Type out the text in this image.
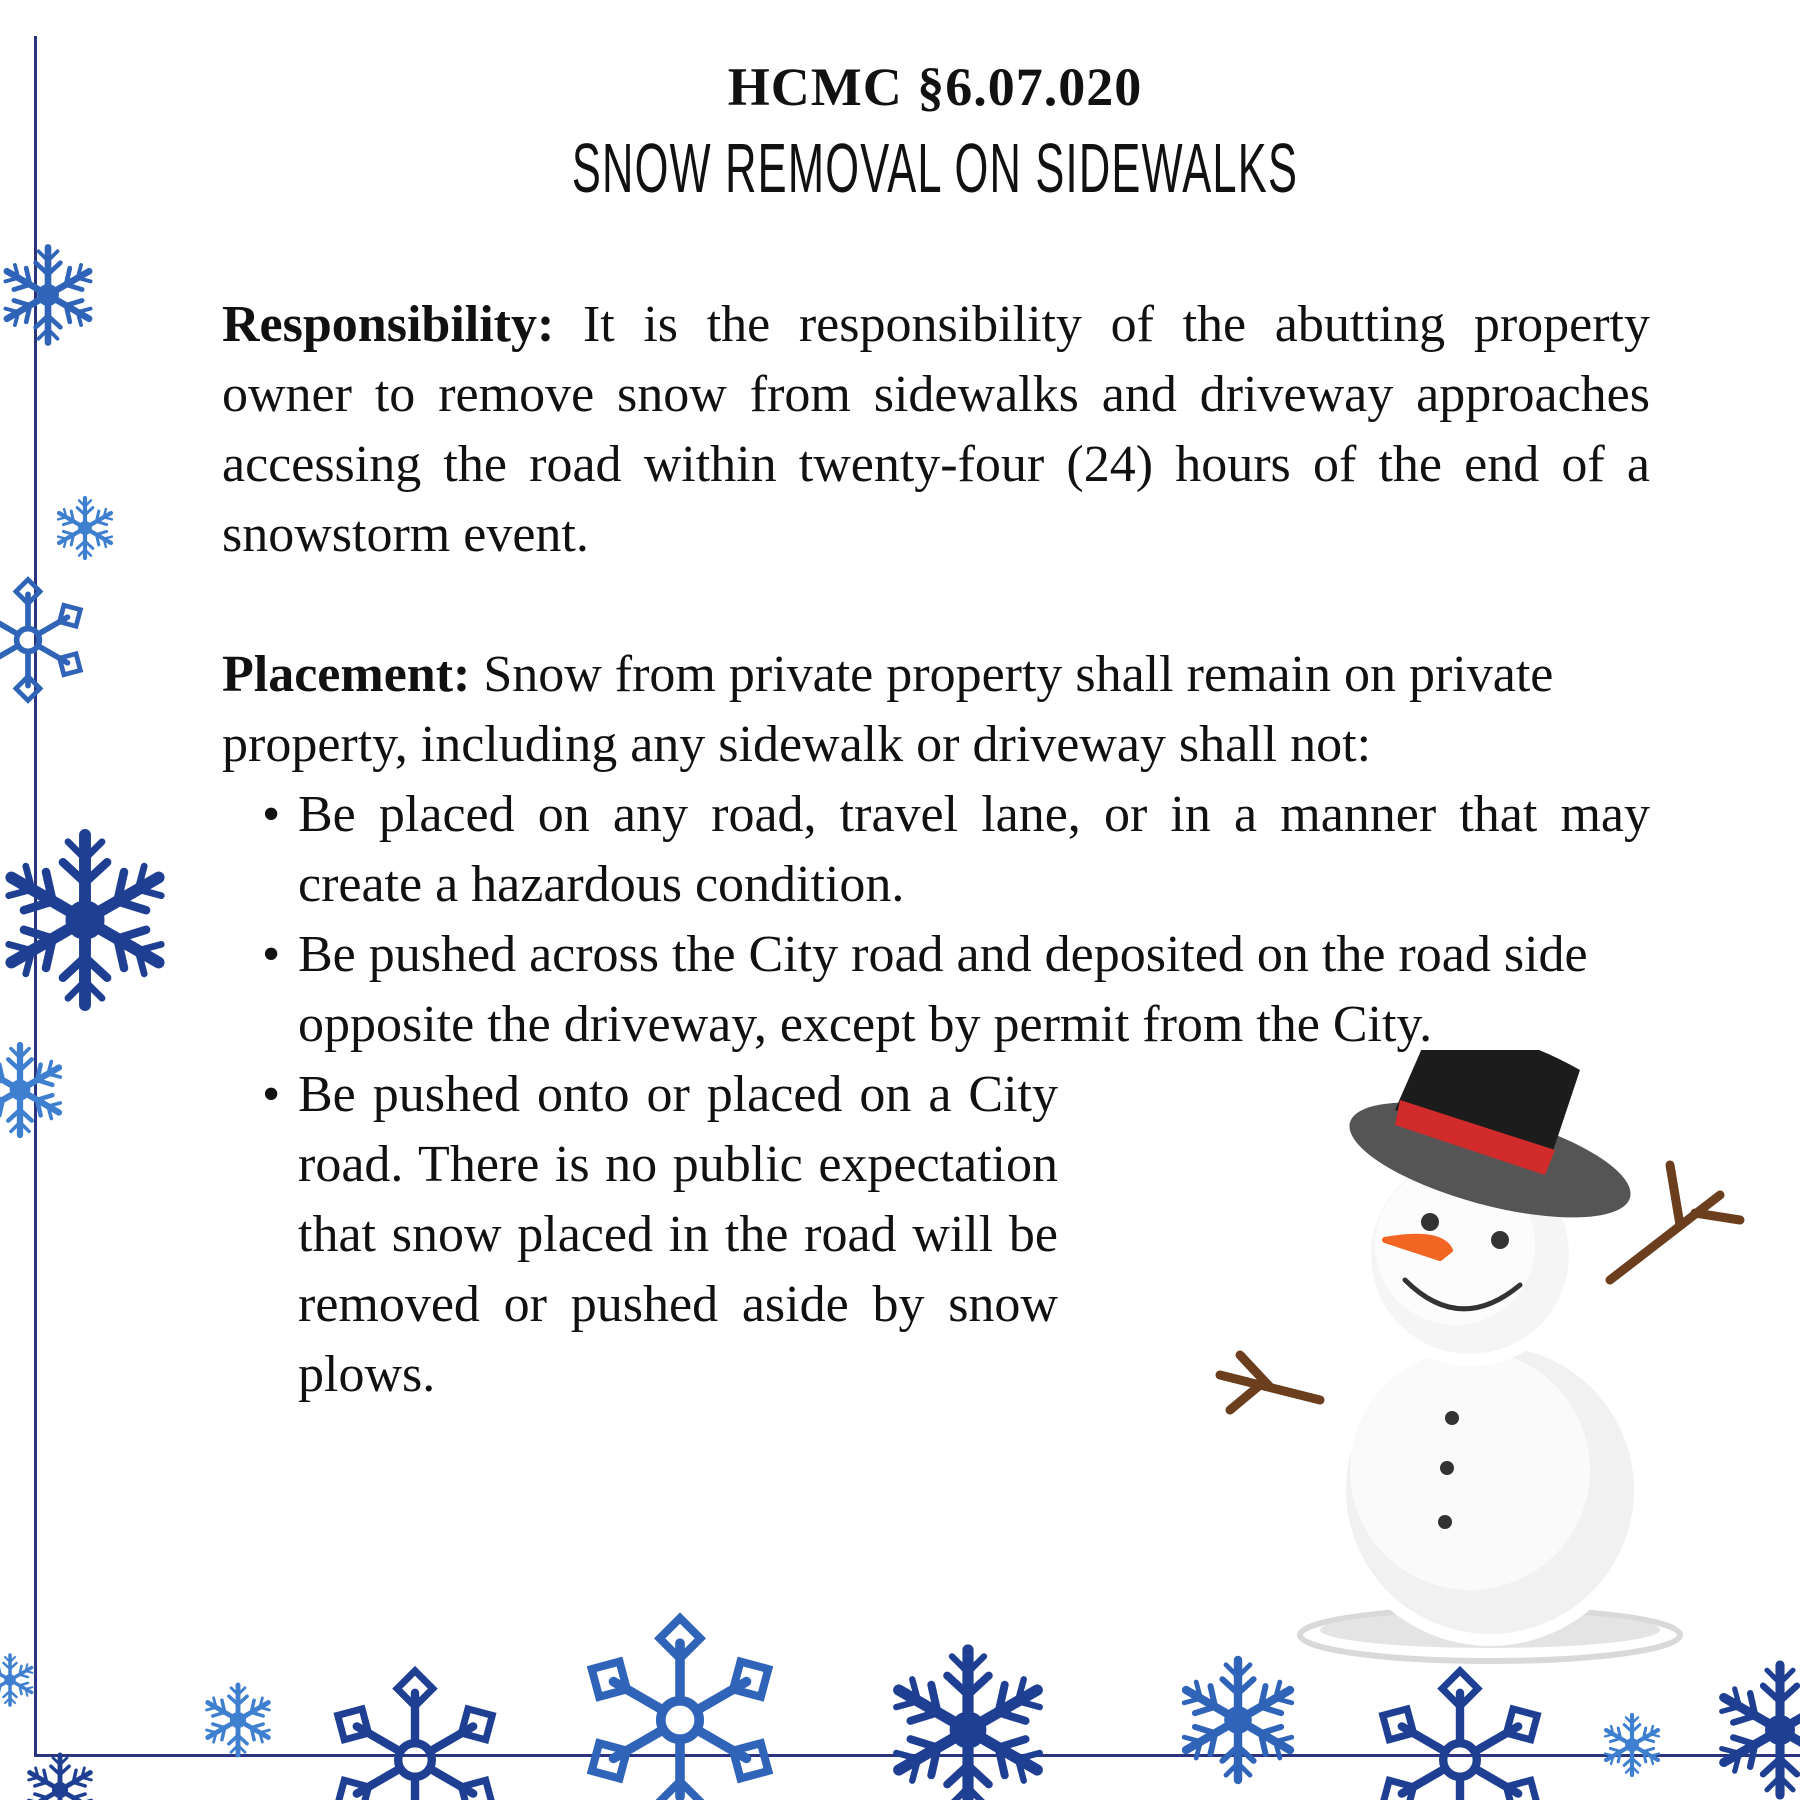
HCMC §6.07.020
SNOW REMOVAL ON SIDEWALKS

Responsibility: It is the responsibility of the abutting property owner to remove snow from sidewalks and driveway approaches accessing the road within twenty-four (24) hours of the end of a snowstorm event.

Placement: Snow from private property shall remain on private property, including any sidewalk or driveway shall not:

• Be placed on any road, travel lane, or in a manner that may create a hazardous condition.
• Be pushed across the City road and deposited on the road side opposite the driveway, except by permit from the City.
• Be pushed onto or placed on a City road. There is no public expectation that snow placed in the road will be removed or pushed aside by snow plows.
